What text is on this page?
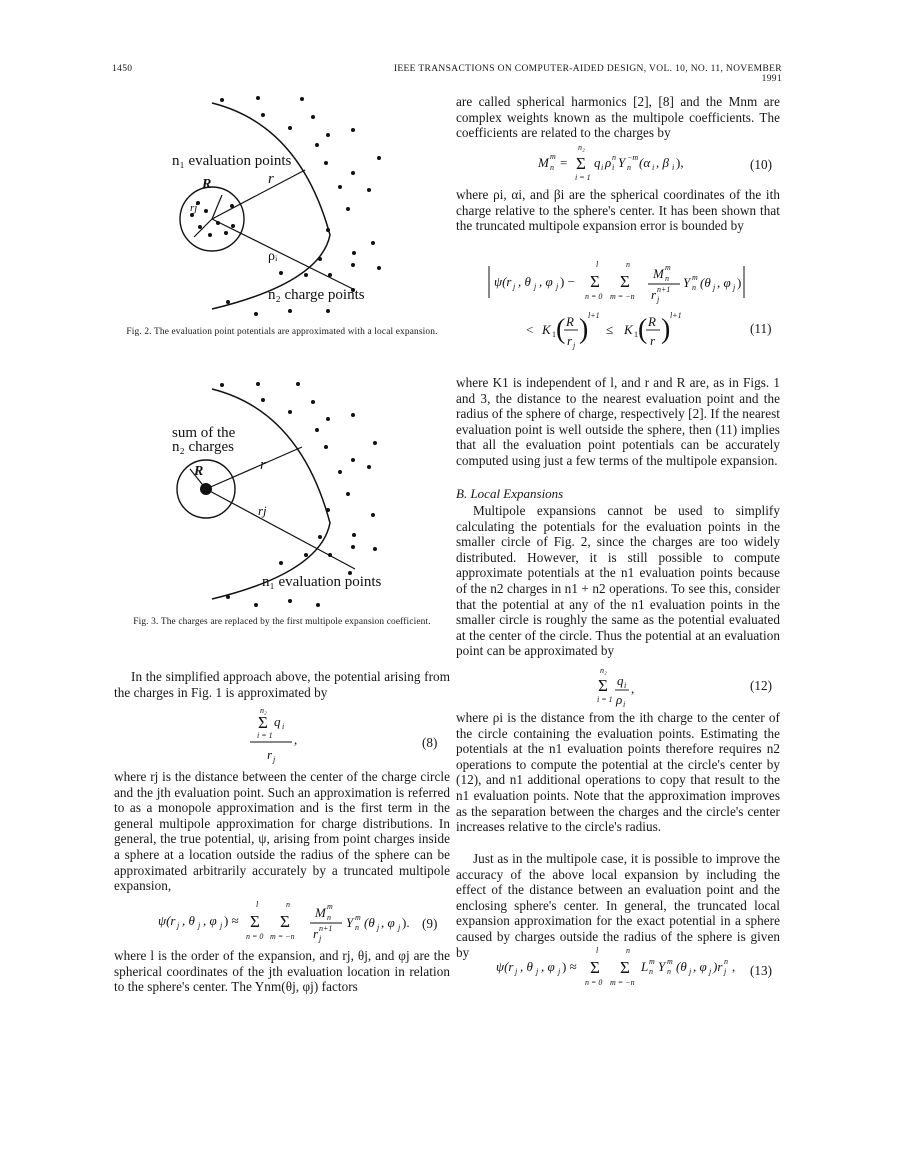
1450	IEEE TRANSACTIONS ON COMPUTER-AIDED DESIGN, VOL. 10, NO. 11, NOVEMBER 1991
n₁ evaluation points
R	r
rj
ρᵢ
n₂ charge points
Fig. 2. The evaluation point potentials are approximated with a local expansion.
sum of the
n₂ charges
R	r
rj
n₁ evaluation points
Fig. 3. The charges are replaced by the first multipole expansion coefficient.
In the simplified approach above, the potential arising from the charges in Fig. 1 is approximated by
n₂
Σ q i
i = 1
r j
,	(8)
where rj is the distance between the center of the charge circle and the jth evaluation point. Such an approximation is referred to as a monopole approximation and is the first term in the general multipole approximation for charge distributions. In general, the true potential, ψ, arising from point charges inside a sphere at a location outside the radius of the sphere can be approximated arbitrarily accurately by a truncated multipole expansion,
ψ(r j , θ j , φ j ) ≈
l
Σ
n = 0
n
Σ
m = −n
M m
n
r n+1
j
Y m
n (θ j , φ j ). (9)
where l is the order of the expansion, and rj, θj, and φj are the spherical coordinates of the jth evaluation location in relation to the sphere's center. The Ynm(θj, φj) factors
are called spherical harmonics [2], [8] and the Mnm are complex weights known as the multipole coefficients. The coefficients are related to the charges by
M m
n =
n₂
Σ
i = 1
q i ρ n
i Y −m
n (α i , β i ),	(10)
where ρi, αi, and βi are the spherical coordinates of the ith charge relative to the sphere's center. It has been shown that the truncated multipole expansion error is bounded by
ψ(r j , θ j , φ j ) −
l
Σ
n = 0
n
Σ
m = −n
M m
n
r n+1
j
Y m
n (θ j , φ j )
< K 1 ( R
r j
) l+1
≤ K 1 ( R
r ) l+1
(11)
where K1 is independent of l, and r and R are, as in Figs. 1 and 3, the distance to the nearest evaluation point and the radius of the sphere of charge, respectively [2]. If the nearest evaluation point is well outside the sphere, then (11) implies that all the evaluation point potentials can be accurately computed using just a few terms of the multipole expansion.
B. Local Expansions
Multipole expansions cannot be used to simplify calculating the potentials for the evaluation points in the smaller circle of Fig. 2, since the charges are too widely distributed. However, it is still possible to compute approximate potentials at the n1 evaluation points because of the n2 charges in n1 + n2 operations. To see this, consider that the potential at any of the n1 evaluation points in the smaller circle is roughly the same as the potential evaluated at the center of the circle. Thus the potential at an evaluation point can be approximated by
n₂
Σ
i = 1
q i
ρ i
,	(12)
where ρi is the distance from the ith charge to the center of the circle containing the evaluation points. Estimating the potentials at the n1 evaluation points therefore requires n2 operations to compute the potential at the circle's center by (12), and n1 additional operations to copy that result to the n1 evaluation points. Note that the approximation improves as the separation between the charges and the circle's center increases relative to the circle's radius.
Just as in the multipole case, it is possible to improve the accuracy of the above local expansion by including the effect of the distance between an evaluation point and the enclosing sphere's center. In general, the truncated local expansion approximation for the exact potential in a sphere caused by charges outside the radius of the sphere is given by
ψ(r j , θ j , φ j ) ≈
l
Σ
n = 0
n
Σ
m = −n
L m
n Y m
n (θ j , φ j )r n
j , (13)
